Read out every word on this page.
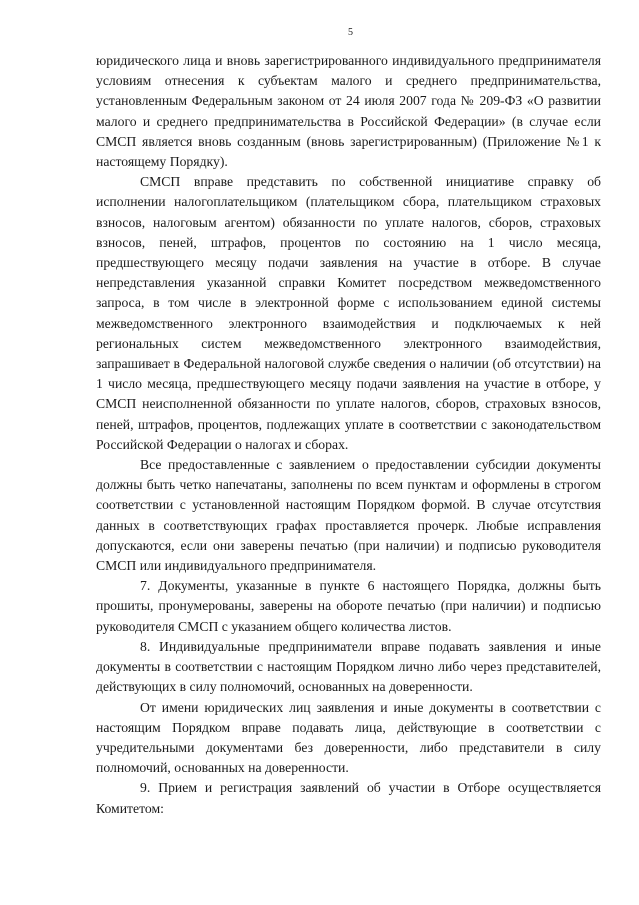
5

юридического лица и вновь зарегистрированного индивидуального предпринимателя условиям отнесения к субъектам малого и среднего предпринимательства, установленным Федеральным законом от 24 июля 2007 года № 209-ФЗ «О развитии малого и среднего предпринимательства в Российской Федерации» (в случае если СМСП является вновь созданным (вновь зарегистрированным) (Приложение №1 к настоящему Порядку).

СМСП вправе представить по собственной инициативе справку об исполнении налогоплательщиком (плательщиком сбора, плательщиком страховых взносов, налоговым агентом) обязанности по уплате налогов, сборов, страховых взносов, пеней, штрафов, процентов по состоянию на 1 число месяца, предшествующего месяцу подачи заявления на участие в отборе. В случае непредставления указанной справки Комитет посредством межведомственного запроса, в том числе в электронной форме с использованием единой системы межведомственного электронного взаимодействия и подключаемых к ней региональных систем межведомственного электронного взаимодействия, запрашивает в Федеральной налоговой службе сведения о наличии (об отсутствии) на 1 число месяца, предшествующего месяцу подачи заявления на участие в отборе, у СМСП неисполненной обязанности по уплате налогов, сборов, страховых взносов, пеней, штрафов, процентов, подлежащих уплате в соответствии с законодательством Российской Федерации о налогах и сборах.

Все предоставленные с заявлением о предоставлении субсидии документы должны быть четко напечатаны, заполнены по всем пунктам и оформлены в строгом соответствии с установленной настоящим Порядком формой. В случае отсутствия данных в соответствующих графах проставляется прочерк. Любые исправления допускаются, если они заверены печатью (при наличии) и подписью руководителя СМСП или индивидуального предпринимателя.

7. Документы, указанные в пункте 6 настоящего Порядка, должны быть прошиты, пронумерованы, заверены на обороте печатью (при наличии) и подписью руководителя СМСП с указанием общего количества листов.

8. Индивидуальные предприниматели вправе подавать заявления и иные документы в соответствии с настоящим Порядком лично либо через представителей, действующих в силу полномочий, основанных на доверенности.

От имени юридических лиц заявления и иные документы в соответствии с настоящим Порядком вправе подавать лица, действующие в соответствии с учредительными документами без доверенности, либо представители в силу полномочий, основанных на доверенности.

9. Прием и регистрация заявлений об участии в Отборе осуществляется Комитетом:
